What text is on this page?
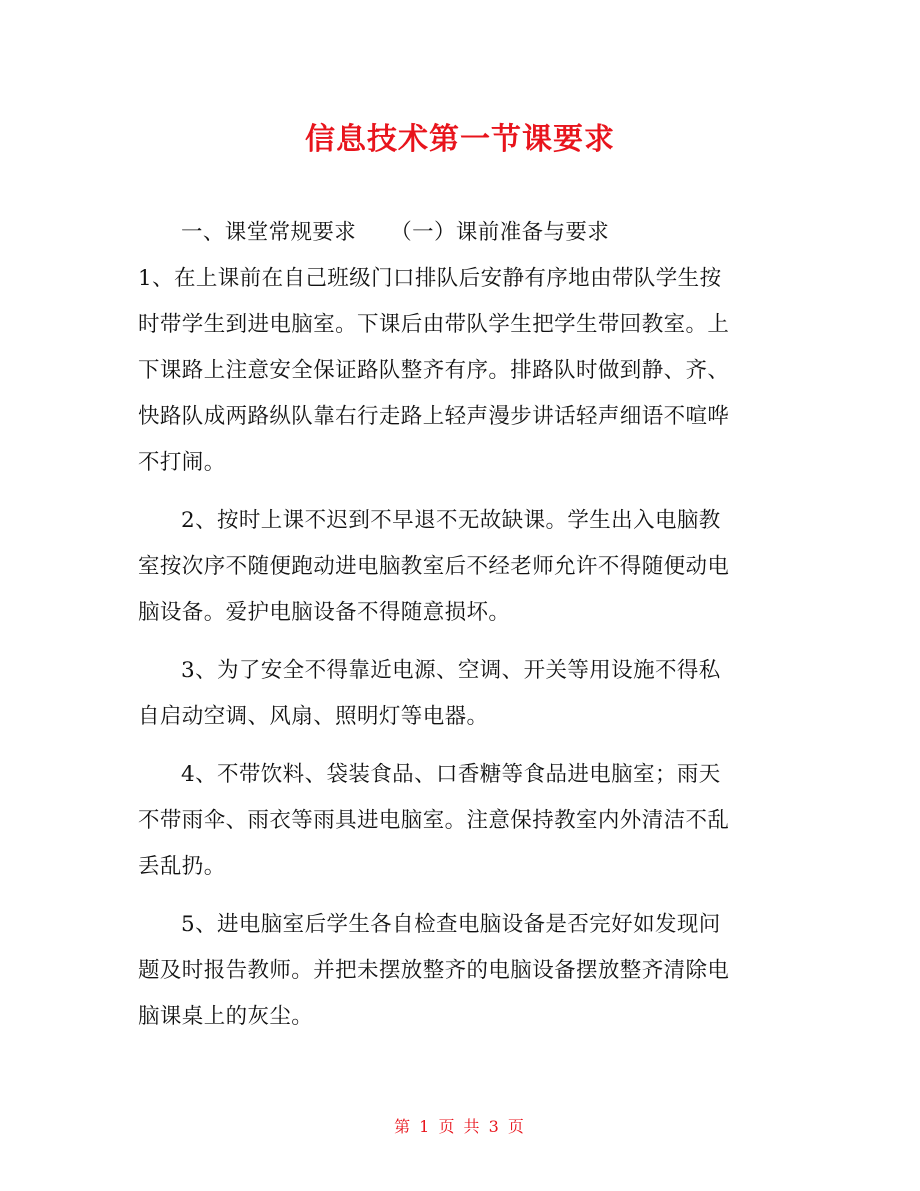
信息技术第一节课要求

一、课堂常规要求 （一）课前准备与要求

1、在上课前在自己班级门口排队后安静有序地由带队学生按

时带学生到进电脑室。下课后由带队学生把学生带回教室。上

下课路上注意安全保证路队整齐有序。排路队时做到静、齐、

快路队成两路纵队靠右行走路上轻声漫步讲话轻声细语不喧哗

不打闹。

2、按时上课不迟到不早退不无故缺课。学生出入电脑教

室按次序不随便跑动进电脑教室后不经老师允许不得随便动电

脑设备。爱护电脑设备不得随意损坏。

3、为了安全不得靠近电源、空调、开关等用设施不得私

自启动空调、风扇、照明灯等电器。

4、不带饮料、袋装食品、口香糖等食品进电脑室；雨天

不带雨伞、雨衣等雨具进电脑室。注意保持教室内外清洁不乱

丢乱扔。

5、进电脑室后学生各自检查电脑设备是否完好如发现问

题及时报告教师。并把未摆放整齐的电脑设备摆放整齐清除电

脑课桌上的灰尘。

第 1 页 共 3 页
